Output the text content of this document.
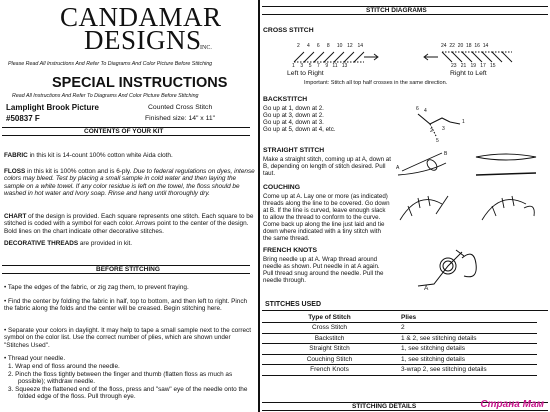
CANDAMAR
DESIGNS
INC.
Please Read All Instructions And Refer To Diagrams And Color Picture Before Stitching
SPECIAL INSTRUCTIONS
Read All Instructions And Refer To Diagrams And Color Picture Before Stitching
Lamplight Brook Picture
#50837 F
Counted Cross Stitch
Finished size: 14" x 11"
CONTENTS OF YOUR KIT
FABRIC in this kit is 14-count 100% cotton white Aida cloth.
FLOSS in this kit is 100% cotton and is 6-ply. Due to federal regulations on dyes, intense colors may bleed. Test by placing a small sample in cold water and then laying the sample on a white towel. If any color residue is left on the towel, the floss should be washed in hot water and Ivory soap. Rinse and hang until thoroughly dry.
CHART of the design is provided. Each square represents one stitch. Each square to be stitched is coded with a symbol for each color. Arrows point to the center of the design. Bold lines on the chart indicate other decorative stitches.
DECORATIVE THREADS are provided in kit.
BEFORE STITCHING
• Tape the edges of the fabric, or zig zag them, to prevent fraying.
• Find the center by folding the fabric in half, top to bottom, and then left to right. Pinch the fabric along the folds and the center will be creased. Begin stitching here.
• Separate your colors in daylight. It may help to tape a small sample next to the correct symbol on the color list. Use the correct number of plies, which are shown under "Stitches Used".
• Thread your needle.
1. Wrap end of floss around the needle.
2. Pinch the floss tightly between the finger and thumb (flatten floss as much as possible); withdraw needle.
3. Squeeze the flattened end of the floss, press and "saw" eye of the needle onto the folded edge of the floss. Pull through eye.
STITCH DIAGRAMS
CROSS STITCH
2 4 6 8 10 12 14
1 3 5 7 9 11 13
Left to Right
24 22 20 18 16 14
23 21 19 17 15
Right to Left
Important: Stitch all top half crosses in the same direction.
BACKSTITCH
Go up at 1, down at 2.
Go up at 3, down at 2.
Go up at 4, down at 3.
Go up at 5, down at 4, etc.
6 4
1
3
2
5
STRAIGHT STITCH
Make a straight stitch, coming up at A, down at B, depending on length of stitch desired. Pull taut.
A
B
COUCHING
Come up at A. Lay one or more (as indicated) threads along the line to be covered. Go down at B. If the line is curved, leave enough slack to allow the thread to conform to the curve. Come back up along the line just laid and tie down where indicated with a tiny stitch with the same thread.
FRENCH KNOTS
Bring needle up at A. Wrap thread around needle as shown. Put needle in at A again. Pull thread snug around the needle. Pull the needle through.
A
STITCHES USED
Type of Stitch	Plies
Cross Stitch	2
Backstitch	1 & 2, see stitching details
Straight Stitch	1, see stitching details
Couching Stitch	1, see stitching details
French Knots	3-wrap 2, see stitching details
STITCHING DETAILS	Страна Мам
